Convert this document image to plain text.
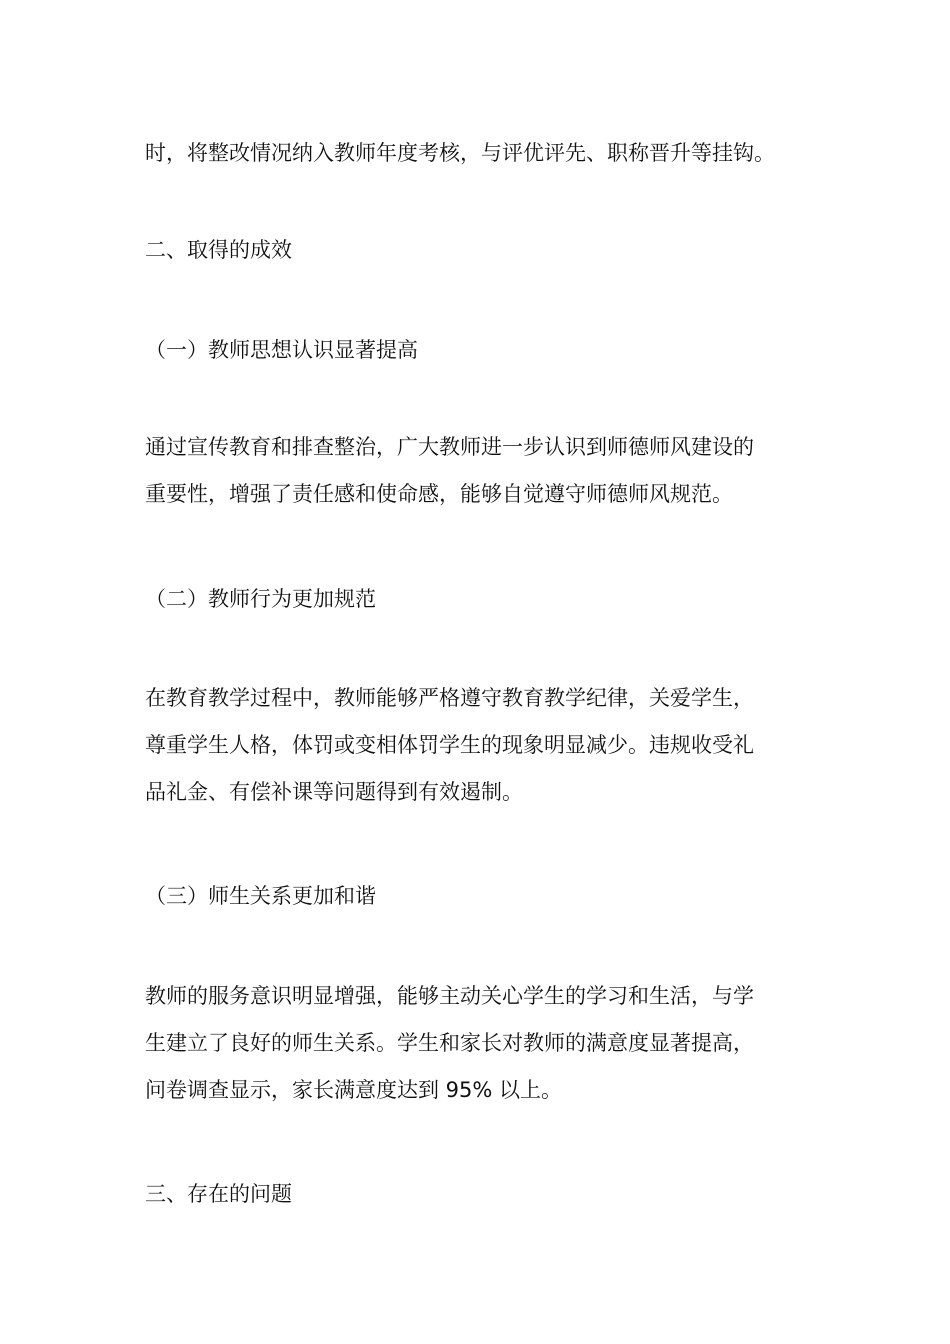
时，将整改情况纳入教师年度考核，与评优评先、职称晋升等挂钩。

二、取得的成效

（一）教师思想认识显著提高

通过宣传教育和排查整治，广大教师进一步认识到师德师风建设的
重要性，增强了责任感和使命感，能够自觉遵守师德师风规范。

（二）教师行为更加规范

在教育教学过程中，教师能够严格遵守教育教学纪律，关爱学生，
尊重学生人格，体罚或变相体罚学生的现象明显减少。违规收受礼
品礼金、有偿补课等问题得到有效遏制。

（三）师生关系更加和谐

教师的服务意识明显增强，能够主动关心学生的学习和生活，与学
生建立了良好的师生关系。学生和家长对教师的满意度显著提高，
问卷调查显示，家长满意度达到 95% 以上。

三、存在的问题
